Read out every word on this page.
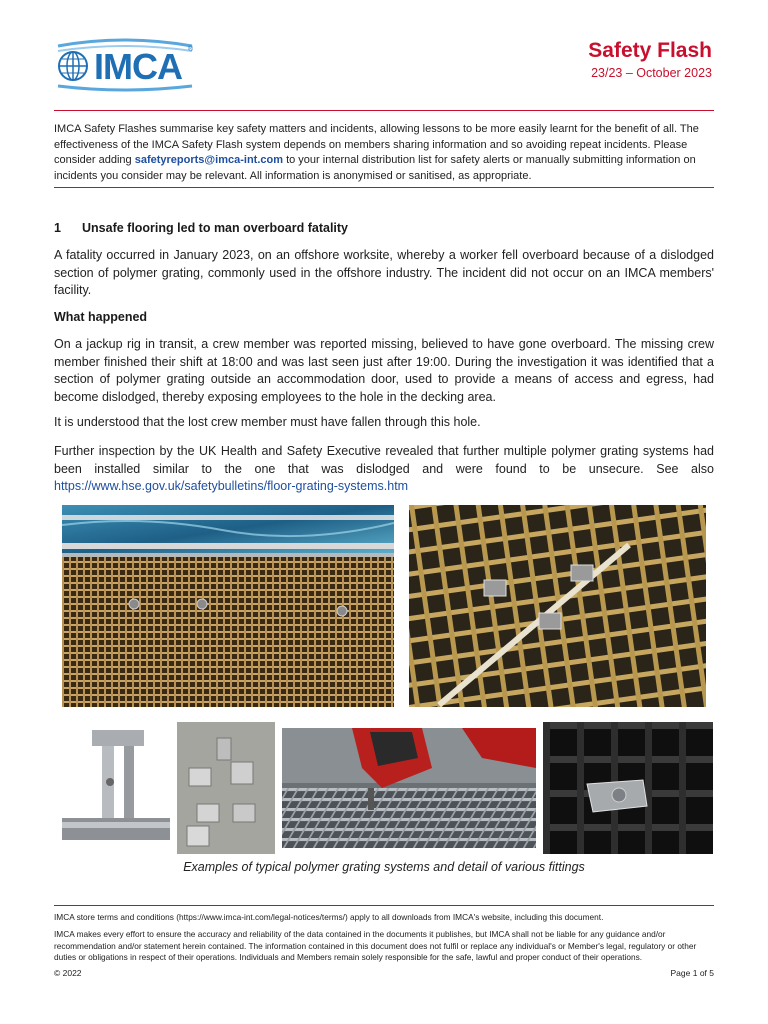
IMCA ®	Safety Flash
23/23 – October 2023
IMCA Safety Flashes summarise key safety matters and incidents, allowing lessons to be more easily learnt for the benefit of all. The effectiveness of the IMCA Safety Flash system depends on members sharing information and so avoiding repeat incidents. Please consider adding safetyreports@imca-int.com to your internal distribution list for safety alerts or manually submitting information on incidents you consider may be relevant. All information is anonymised or sanitised, as appropriate.
1 Unsafe flooring led to man overboard fatality
A fatality occurred in January 2023, on an offshore worksite, whereby a worker fell overboard because of a dislodged section of polymer grating, commonly used in the offshore industry. The incident did not occur on an IMCA members' facility.
What happened
On a jackup rig in transit, a crew member was reported missing, believed to have gone overboard. The missing crew member finished their shift at 18:00 and was last seen just after 19:00. During the investigation it was identified that a section of polymer grating outside an accommodation door, used to provide a means of access and egress, had become dislodged, thereby exposing employees to the hole in the decking area.
It is understood that the lost crew member must have fallen through this hole.
Further inspection by the UK Health and Safety Executive revealed that further multiple polymer grating systems had been installed similar to the one that was dislodged and were found to be unsecure. See also https://www.hse.gov.uk/safetybulletins/floor-grating-systems.htm
Examples of typical polymer grating systems and detail of various fittings
IMCA store terms and conditions (https://www.imca-int.com/legal-notices/terms/) apply to all downloads from IMCA's website, including this document.
IMCA makes every effort to ensure the accuracy and reliability of the data contained in the documents it publishes, but IMCA shall not be liable for any guidance and/or recommendation and/or statement herein contained. The information contained in this document does not fulfil or replace any individual's or Member's legal, regulatory or other duties or obligations in respect of their operations. Individuals and Members remain solely responsible for the safe, lawful and proper conduct of their operations.
© 2022	Page 1 of 5
